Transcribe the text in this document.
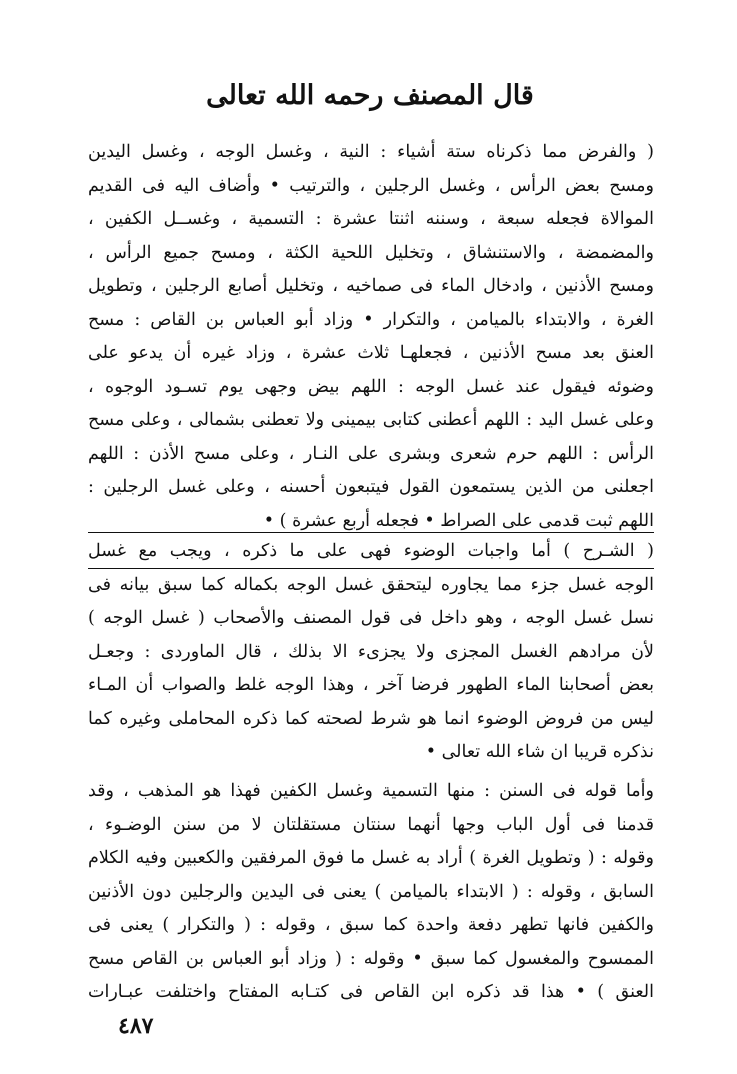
قال المصنف رحمه الله تعالى
( والفرض مما ذكرناه ستة أشياء : النية ، وغسل الوجه ، وغسل اليدين
ومسح بعض الرأس ، وغسل الرجلين ، والترتيب • وأضاف اليه فى القديم
الموالاة فجعله سبعة ، وسننه اثنتا عشرة : التسمية ، وغســل الكفين ،
والمضمضة ، والاستنشاق ، وتخليل اللحية الكثة ، ومسح جميع الرأس ،
ومسح الأذنين ، وادخال الماء فى صماخيه ، وتخليل أصابع الرجلين ، وتطويل
الغرة ، والابتداء بالميامن ، والتكرار • وزاد أبو العباس بن القاص : مسح
العنق بعد مسح الأذنين ، فجعلهـا ثلاث عشرة ، وزاد غيره أن يدعو على
وضوئه فيقول عند غسل الوجه : اللهم بيض وجهى يوم تسـود الوجوه ،
وعلى غسل اليد : اللهم أعطنى كتابى بيمينى ولا تعطنى بشمالى ، وعلى مسح
الرأس : اللهم حرم شعرى وبشرى على النـار ، وعلى مسح الأذن : اللهم
اجعلنى من الذين يستمعون القول فيتبعون أحسنه ، وعلى غسل الرجلين :
اللهم ثبت قدمى على الصراط • فجعله أربع عشرة ) •
( الشـرح ) أما واجبات الوضوء فهى على ما ذكره ، ويجب مع غسل
الوجه غسل جزء مما يجاوره ليتحقق غسل الوجه بكماله كما سبق بيانه فى
نسل غسل الوجه ، وهو داخل فى قول المصنف والأصحاب ( غسل الوجه )
لأن مرادهم الغسل المجزى ولا يجزىء الا بذلك ، قال الماوردى : وجعـل
بعض أصحابنا الماء الطهور فرضا آخر ، وهذا الوجه غلط والصواب أن المـاء
ليس من فروض الوضوء انما هو شرط لصحته كما ذكره المحاملى وغيره كما
نذكره قريبا ان شاء الله تعالى •
وأما قوله فى السنن : منها التسمية وغسل الكفين فهذا هو المذهب ، وقد
قدمنا فى أول الباب وجها أنهما سنتان مستقلتان لا من سنن الوضـوء ،
وقوله : ( وتطويل الغرة ) أراد به غسل ما فوق المرفقين والكعبين وفيه الكلام
السابق ، وقوله : ( الابتداء بالميامن ) يعنى فى اليدين والرجلين دون الأذنين
والكفين فانها تطهر دفعة واحدة كما سبق ، وقوله : ( والتكرار ) يعنى فى
الممسوح والمغسول كما سبق • وقوله : ( وزاد أبو العباس بن القاص مسح
العنق ) • هذا قد ذكره ابن القاص فى كتـابه المفتاح واختلفت عبـارات
٤٨٧
